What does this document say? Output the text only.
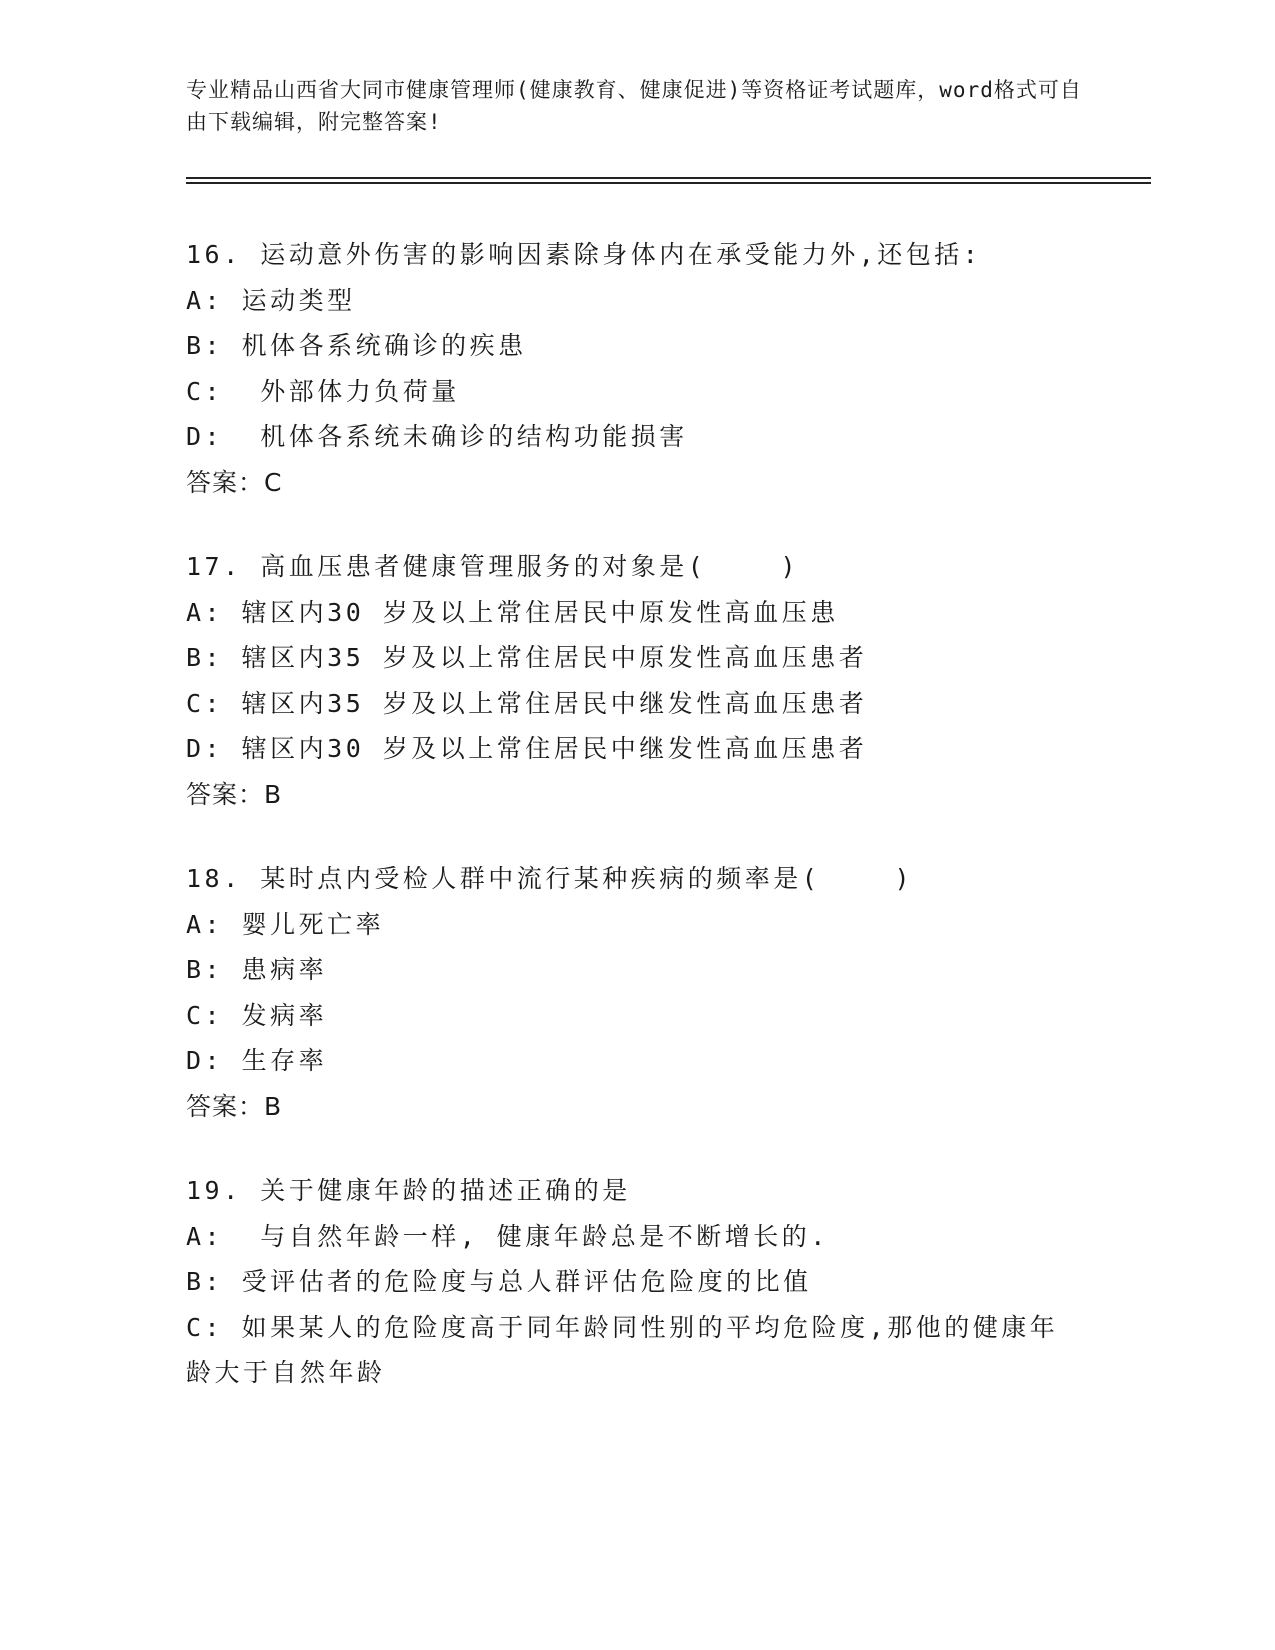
专业精品山西省大同市健康管理师(健康教育、健康促进)等资格证考试题库，word格式可自由下载编辑，附完整答案!
16. 运动意外伤害的影响因素除身体内在承受能力外,还包括:
A: 运动类型
B: 机体各系统确诊的疾患
C:  外部体力负荷量
D:  机体各系统未确诊的结构功能损害
答案：C
17. 高血压患者健康管理服务的对象是(    )
A: 辖区内30 岁及以上常住居民中原发性高血压患
B: 辖区内35 岁及以上常住居民中原发性高血压患者
C: 辖区内35 岁及以上常住居民中继发性高血压患者
D: 辖区内30 岁及以上常住居民中继发性高血压患者
答案：B
18. 某时点内受检人群中流行某种疾病的频率是(    )
A: 婴儿死亡率
B: 患病率
C: 发病率
D: 生存率
答案：B
19. 关于健康年龄的描述正确的是
A:  与自然年龄一样, 健康年龄总是不断增长的.
B: 受评估者的危险度与总人群评估危险度的比值
C: 如果某人的危险度高于同年龄同性别的平均危险度,那他的健康年龄大于自然年龄
